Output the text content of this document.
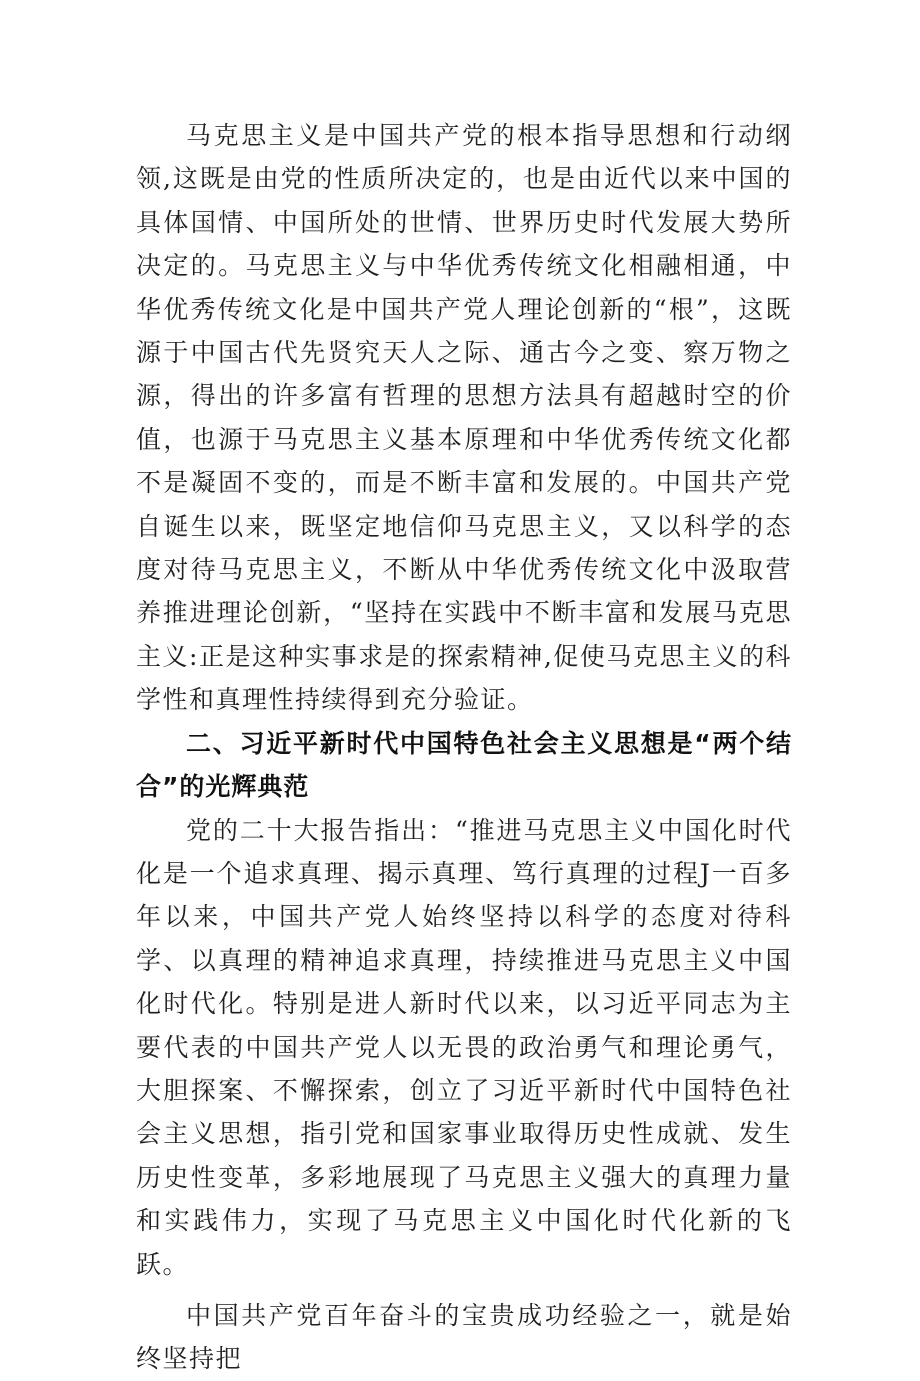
马克思主义是中国共产党的根本指导思想和行动纲领,这既是由党的性质所决定的，也是由近代以来中国的具体国情、中国所处的世情、世界历史时代发展大势所决定的。马克思主义与中华优秀传统文化相融相通，中华优秀传统文化是中国共产党人理论创新的“根”，这既源于中国古代先贤究天人之际、通古今之变、察万物之源，得出的许多富有哲理的思想方法具有超越时空的价值，也源于马克思主义基本原理和中华优秀传统文化都不是凝固不变的，而是不断丰富和发展的。中国共产党自诞生以来，既坚定地信仰马克思主义，又以科学的态度对待马克思主义，不断从中华优秀传统文化中汲取营养推进理论创新，“坚持在实践中不断丰富和发展马克思主义:正是这种实事求是的探索精神,促使马克思主义的科学性和真理性持续得到充分验证。

二、习近平新时代中国特色社会主义思想是“两个结合”的光辉典范

党的二十大报告指出：“推进马克思主义中国化时代化是一个追求真理、揭示真理、笃行真理的过程J一百多年以来，中国共产党人始终坚持以科学的态度对待科学、以真理的精神追求真理，持续推进马克思主义中国化时代化。特别是进人新时代以来，以习近平同志为主要代表的中国共产党人以无畏的政治勇气和理论勇气，大胆探案、不懈探索，创立了习近平新时代中国特色社会主义思想，指引党和国家事业取得历史性成就、发生历史性变革，多彩地展现了马克思主义强大的真理力量和实践伟力，实现了马克思主义中国化时代化新的飞跃。

中国共产党百年奋斗的宝贵成功经验之一，就是始终坚持把
